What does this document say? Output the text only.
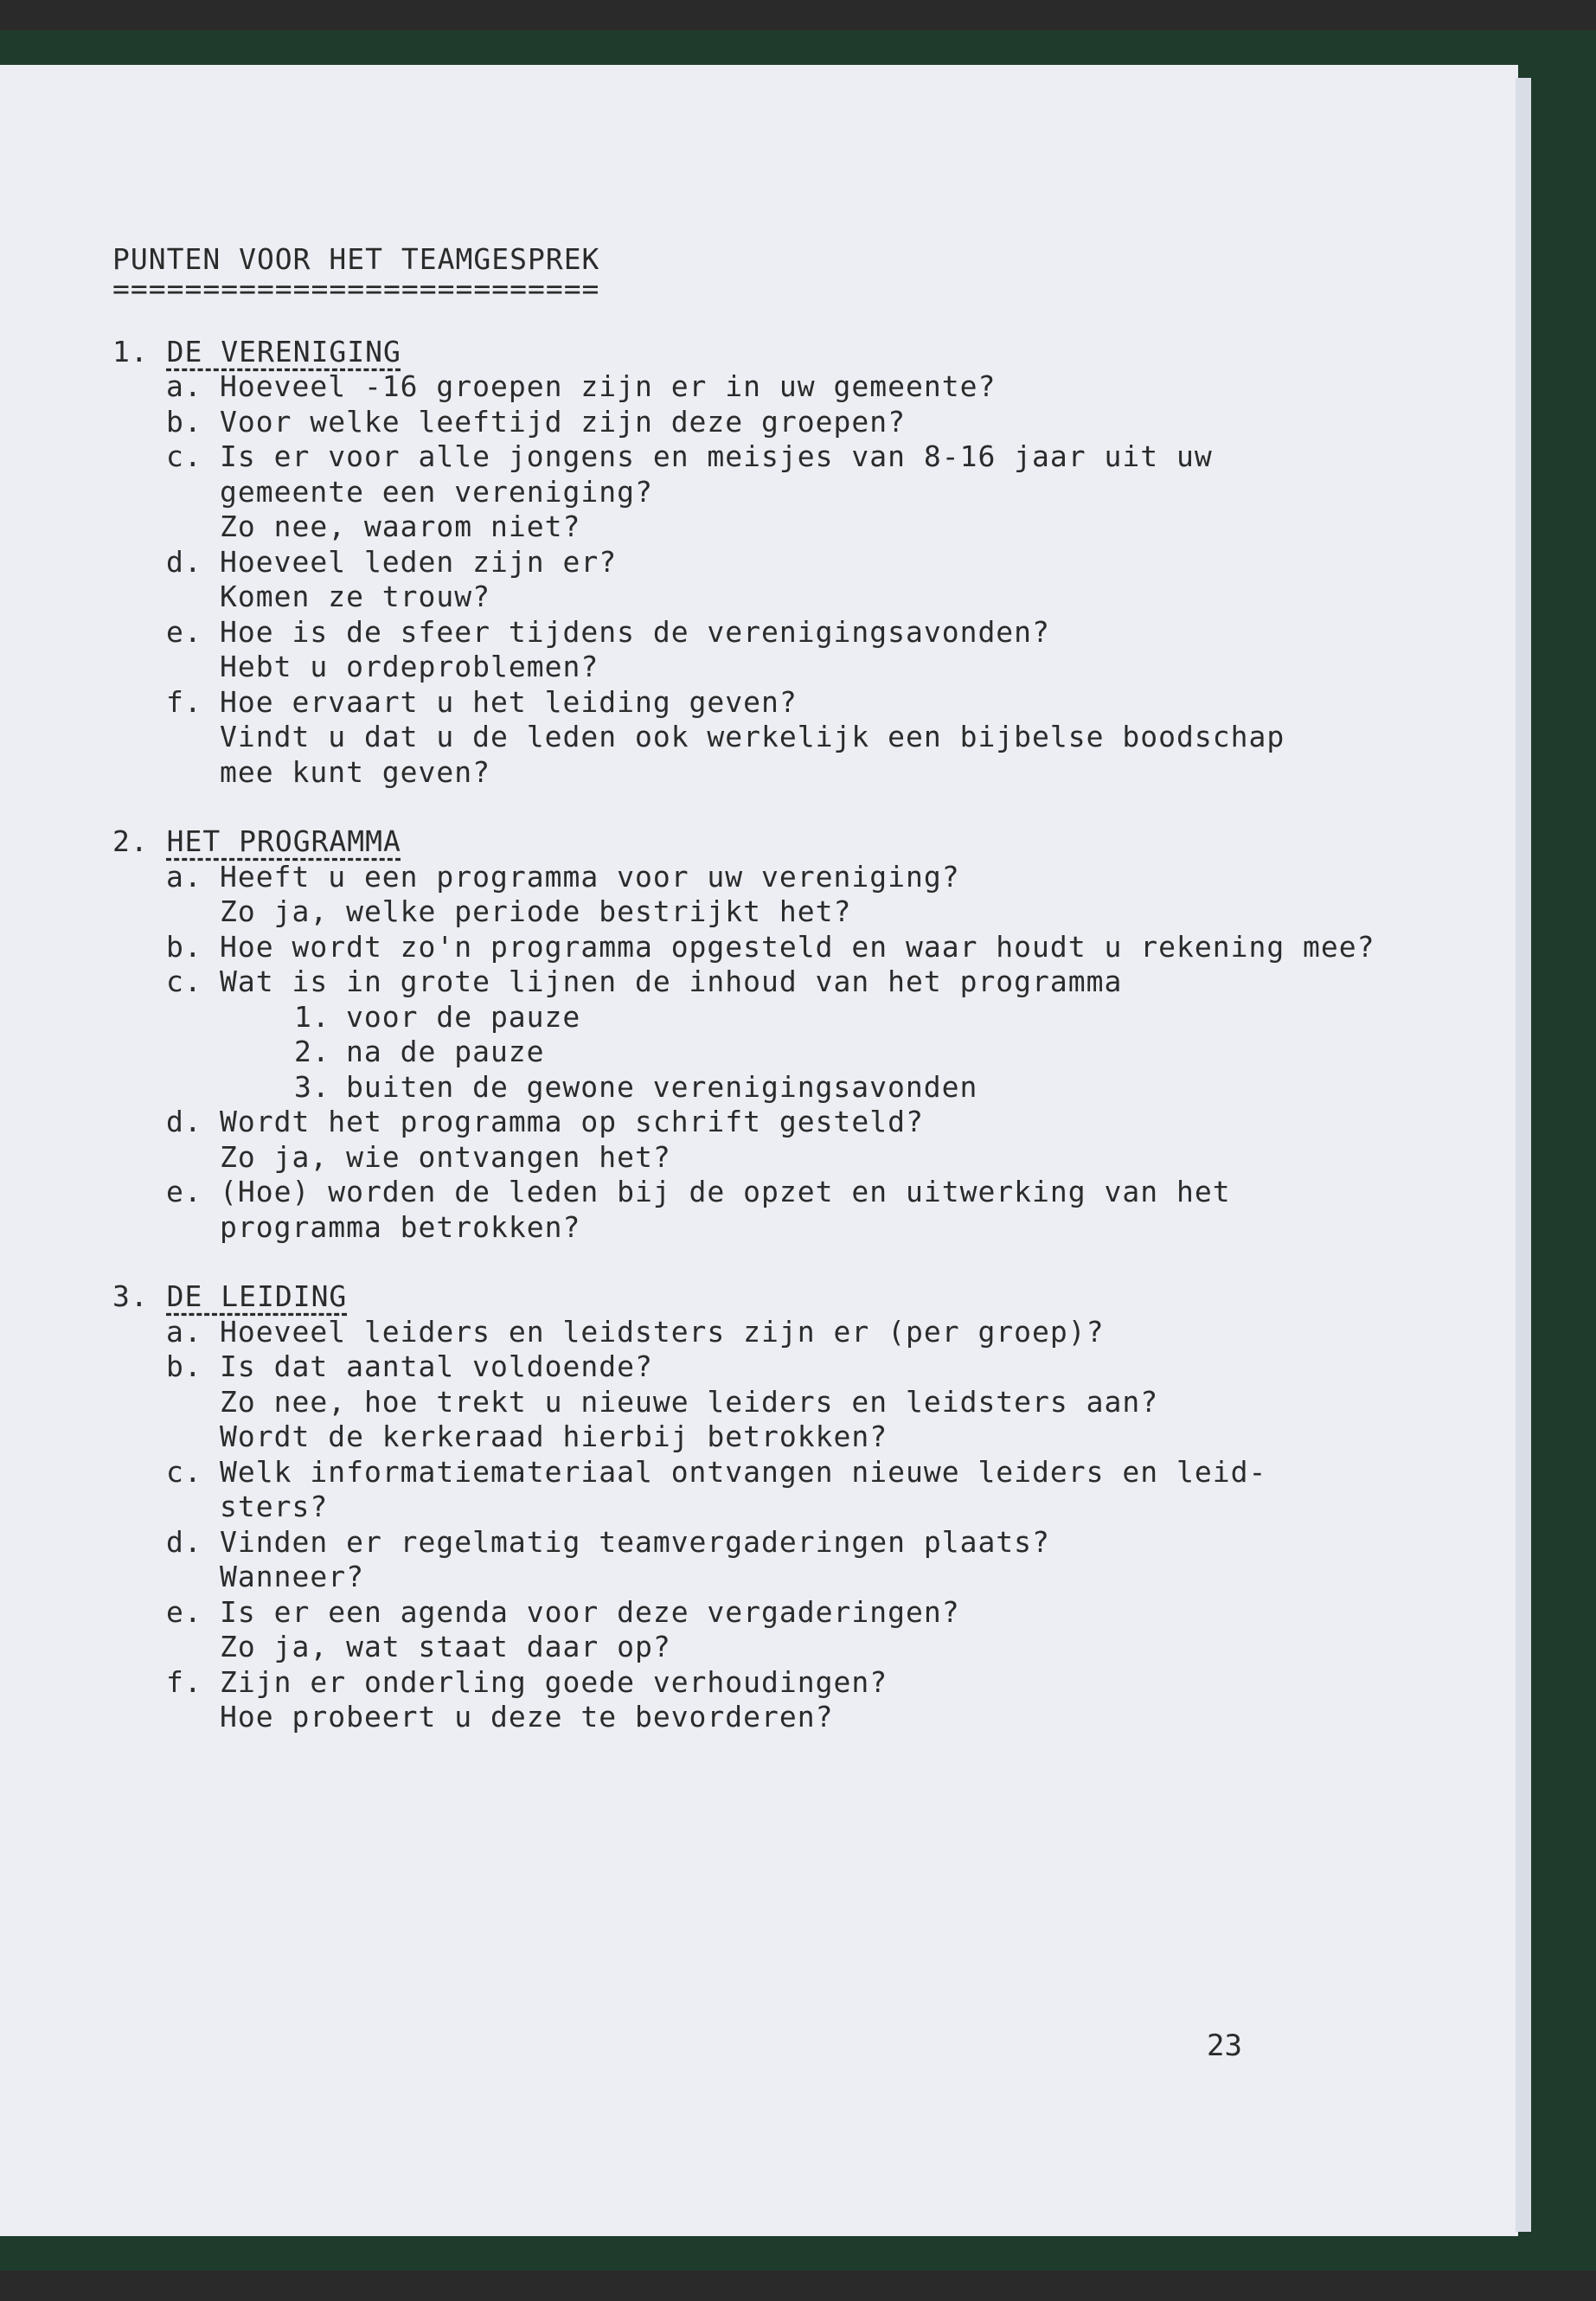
PUNTEN VOOR HET TEAMGESPREK
===========================
1. DE VERENIGING
a. Hoeveel -16 groepen zijn er in uw gemeente?
b. Voor welke leeftijd zijn deze groepen?
c. Is er voor alle jongens en meisjes van 8-16 jaar uit uw
gemeente een vereniging?
Zo nee, waarom niet?
d. Hoeveel leden zijn er?
Komen ze trouw?
e. Hoe is de sfeer tijdens de verenigingsavonden?
Hebt u ordeproblemen?
f. Hoe ervaart u het leiding geven?
Vindt u dat u de leden ook werkelijk een bijbelse boodschap
mee kunt geven?
2. HET PROGRAMMA
a. Heeft u een programma voor uw vereniging?
Zo ja, welke periode bestrijkt het?
b. Hoe wordt zo'n programma opgesteld en waar houdt u rekening mee?
c. Wat is in grote lijnen de inhoud van het programma
1. voor de pauze
2. na de pauze
3. buiten de gewone verenigingsavonden
d. Wordt het programma op schrift gesteld?
Zo ja, wie ontvangen het?
e. (Hoe) worden de leden bij de opzet en uitwerking van het
programma betrokken?
3. DE LEIDING
a. Hoeveel leiders en leidsters zijn er (per groep)?
b. Is dat aantal voldoende?
Zo nee, hoe trekt u nieuwe leiders en leidsters aan?
Wordt de kerkeraad hierbij betrokken?
c. Welk informatiemateriaal ontvangen nieuwe leiders en leid-
sters?
d. Vinden er regelmatig teamvergaderingen plaats?
Wanneer?
e. Is er een agenda voor deze vergaderingen?
Zo ja, wat staat daar op?
f. Zijn er onderling goede verhoudingen?
Hoe probeert u deze te bevorderen?
23
